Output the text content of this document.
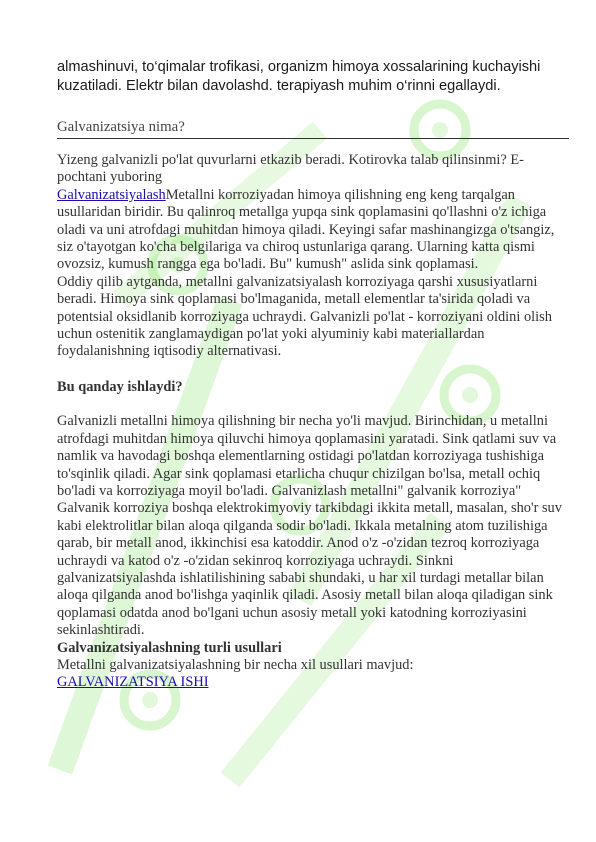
almashinuvi, to‘qimalar trofikasi, organizm himoya xossalarining kuchayishi kuzatiladi. Elektr bilan davolashd. terapiyash muhim o‘rinni egallaydi.

Galvanizatsiya nima?

Yizeng galvanizli po'lat quvurlarni etkazib beradi. Kotirovka talab qilinsinmi? E-pochtani yuboring
GalvanizatsiyalashMetallni korroziyadan himoya qilishning eng keng tarqalgan usullaridan biridir. Bu qalinroq metallga yupqa sink qoplamasini qo'llashni o'z ichiga oladi va uni atrofdagi muhitdan himoya qiladi. Keyingi safar mashinangizga o'tsangiz, siz o'tayotgan ko'cha belgilariga va chiroq ustunlariga qarang. Ularning katta qismi ovozsiz, kumush rangga ega bo'ladi. Bu" kumush" aslida sink qoplamasi.

Oddiy qilib aytganda, metallni galvanizatsiyalash korroziyaga qarshi xususiyatlarni beradi. Himoya sink qoplamasi bo'lmaganida, metall elementlar ta'sirida qoladi va potentsial oksidlanib korroziyaga uchraydi. Galvanizli po'lat - korroziyani oldini olish uchun ostenitik zanglamaydigan po'lat yoki alyuminiy kabi materiallardan foydalanishning iqtisodiy alternativasi.

Bu qanday ishlaydi?

Galvanizli metallni himoya qilishning bir necha yo'li mavjud. Birinchidan, u metallni atrofdagi muhitdan himoya qiluvchi himoya qoplamasini yaratadi. Sink qatlami suv va namlik va havodagi boshqa elementlarning ostidagi po'latdan korroziyaga tushishiga to'sqinlik qiladi. Agar sink qoplamasi etarlicha chuqur chizilgan bo'lsa, metall ochiq bo'ladi va korroziyaga moyil bo'ladi. Galvanizlash metallni" galvanik korroziya" Galvanik korroziya boshqa elektrokimyoviy tarkibdagi ikkita metall, masalan, sho'r suv kabi elektrolitlar bilan aloqa qilganda sodir bo'ladi. Ikkala metalning atom tuzilishiga qarab, bir metall anod, ikkinchisi esa katoddir. Anod o'z -o'zidan tezroq korroziyaga uchraydi va katod o'z -o'zidan sekinroq korroziyaga uchraydi. Sinkni galvanizatsiyalashda ishlatilishining sababi shundaki, u har xil turdagi metallar bilan aloqa qilganda anod bo'lishga yaqinlik qiladi. Asosiy metall bilan aloqa qiladigan sink qoplamasi odatda anod bo'lgani uchun asosiy metall yoki katodning korroziyasini sekinlashtiradi.

Galvanizatsiyalashning turli usullari

Metallni galvanizatsiyalashning bir necha xil usullari mavjud:

GALVANIZATSIYA ISHI
